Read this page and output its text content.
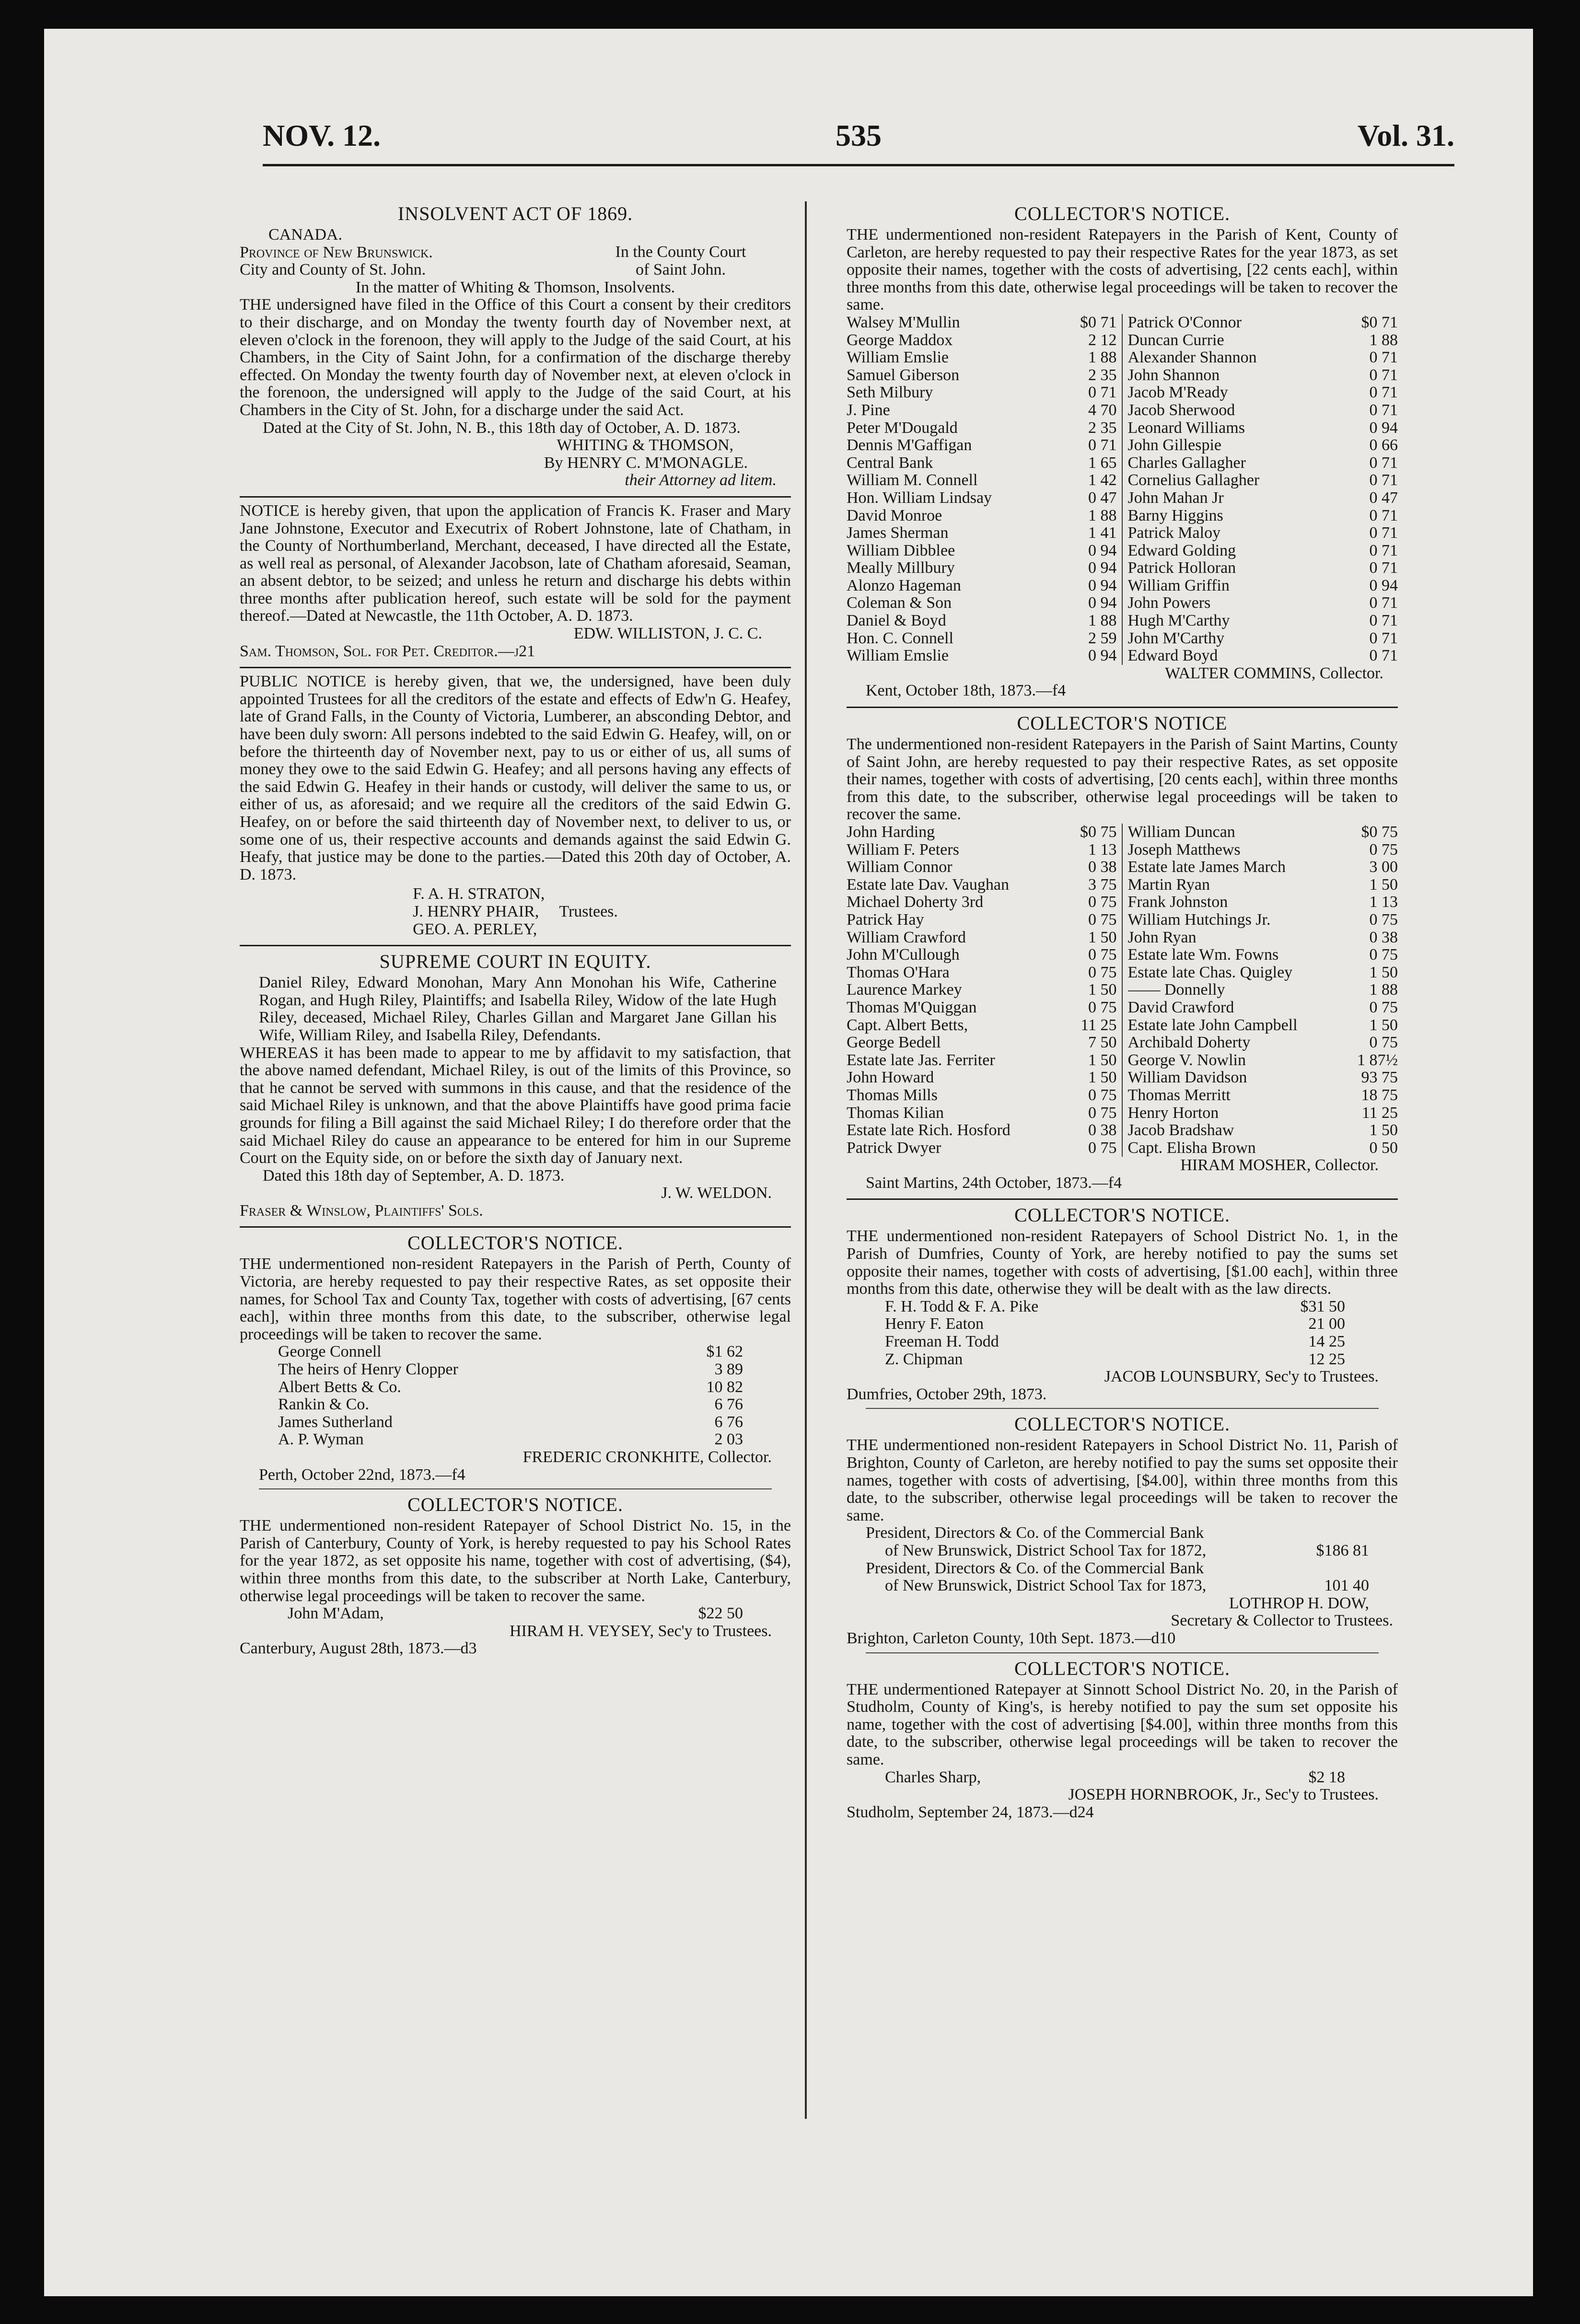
NOV. 12.	535	Vol. 31.
INSOLVENT ACT OF 1869.
CANADA.
Province of New Brunswick.
City and County of St. John.
In the County Court
of Saint John.
In the matter of Whiting & Thomson, Insolvents.

THE undersigned have filed in the Office of this Court a consent by their creditors to their discharge, and on Monday the twenty fourth day of November next, at eleven o'clock in the forenoon, they will apply to the Judge of the said Court, at his Chambers, in the City of Saint John, for a confirmation of the discharge thereby effected. On Monday the twenty fourth day of November next, at eleven o'clock in the forenoon, the undersigned will apply to the Judge of the said Court, at his Chambers in the City of St. John, for a discharge under the said Act.

Dated at the City of St. John, N. B., this 18th day of October, A. D. 1873.

WHITING & THOMSON,
By HENRY C. M'MONAGLE.
their Attorney ad litem.

NOTICE is hereby given, that upon the application of Francis K. Fraser and Mary Jane Johnstone, Executor and Executrix of Robert Johnstone, late of Chatham, in the County of Northumberland, Merchant, deceased, I have directed all the Estate, as well real as personal, of Alexander Jacobson, late of Chatham aforesaid, Seaman, an absent debtor, to be seized; and unless he return and discharge his debts within three months after publication hereof, such estate will be sold for the payment thereof.—Dated at Newcastle, the 11th October, A. D. 1873.

EDW. WILLISTON, J. C. C.
Sam. Thomson, Sol. for Pet. Creditor.—j21

PUBLIC NOTICE is hereby given, that we, the undersigned, have been duly appointed Trustees for all the creditors of the estate and effects of Edw'n G. Heafey, late of Grand Falls, in the County of Victoria, Lumberer, an absconding Debtor, and have been duly sworn: All persons indebted to the said Edwin G. Heafey, will, on or before the thirteenth day of November next, pay to us or either of us, all sums of money they owe to the said Edwin G. Heafey; and all persons having any effects of the said Edwin G. Heafey in their hands or custody, will deliver the same to us, or either of us, as aforesaid; and we require all the creditors of the said Edwin G. Heafey, on or before the said thirteenth day of November next, to deliver to us, or some one of us, their respective accounts and demands against the said Edwin G. Heafy, that justice may be done to the parties.—Dated this 20th day of October, A. D. 1873.

F. A. H. STRATON,
J. HENRY PHAIR,
GEO. A. PERLEY,
Trustees.
SUPREME COURT IN EQUITY.

Daniel Riley, Edward Monohan, Mary Ann Monohan his Wife, Catherine Rogan, and Hugh Riley, Plaintiffs; and Isabella Riley, Widow of the late Hugh Riley, deceased, Michael Riley, Charles Gillan and Margaret Jane Gillan his Wife, William Riley, and Isabella Riley, Defendants.

WHEREAS it has been made to appear to me by affidavit to my satisfaction, that the above named defendant, Michael Riley, is out of the limits of this Province, so that he cannot be served with summons in this cause, and that the residence of the said Michael Riley is unknown, and that the above Plaintiffs have good prima facie grounds for filing a Bill against the said Michael Riley; I do therefore order that the said Michael Riley do cause an appearance to be entered for him in our Supreme Court on the Equity side, on or before the sixth day of January next.

Dated this 18th day of September, A. D. 1873.
J. W. WELDON.
Fraser & Winslow, Plaintiffs' Sols.
COLLECTOR'S NOTICE.

THE undermentioned non-resident Ratepayers in the Parish of Perth, County of Victoria, are hereby requested to pay their respective Rates, as set opposite their names, for School Tax and County Tax, together with costs of advertising, [67 cents each], within three months from this date, to the subscriber, otherwise legal proceedings will be taken to recover the same.

George Connell	$1 62
The heirs of Henry Clopper	3 89
Albert Betts & Co.	10 82
Rankin & Co.	6 76
James Sutherland	6 76
A. P. Wyman	2 03
FREDERIC CRONKHITE, Collector.
Perth, October 22nd, 1873.—f4
COLLECTOR'S NOTICE.

THE undermentioned non-resident Ratepayer of School District No. 15, in the Parish of Canterbury, County of York, is hereby requested to pay his School Rates for the year 1872, as set opposite his name, together with cost of advertising, ($4), within three months from this date, to the subscriber at North Lake, Canterbury, otherwise legal proceedings will be taken to recover the same.

John M'Adam,	$22 50
HIRAM H. VEYSEY, Sec'y to Trustees.
Canterbury, August 28th, 1873.—d3
COLLECTOR'S NOTICE.

THE undermentioned non-resident Ratepayers in the Parish of Kent, County of Carleton, are hereby requested to pay their respective Rates for the year 1873, as set opposite their names, together with the costs of advertising, [22 cents each], within three months from this date, otherwise legal proceedings will be taken to recover the same.

Walsey M'Mullin	$0 71
George Maddox	2 12
William Emslie	1 88
Samuel Giberson	2 35
Seth Milbury	0 71
J. Pine	4 70
Peter M'Dougald	2 35
Dennis M'Gaffigan	0 71
Central Bank	1 65
William M. Connell	1 42
Hon. William Lindsay	0 47
David Monroe	1 88
James Sherman	1 41
William Dibblee	0 94
Meally Millbury	0 94
Alonzo Hageman	0 94
Coleman & Son	0 94
Daniel & Boyd	1 88
Hon. C. Connell	2 59
William Emslie	0 94
Patrick O'Connor	$0 71
Duncan Currie	1 88
Alexander Shannon	0 71
John Shannon	0 71
Jacob M'Ready	0 71
Jacob Sherwood	0 71
Leonard Williams	0 94
John Gillespie	0 66
Charles Gallagher	0 71
Cornelius Gallagher	0 71
John Mahan Jr	0 47
Barny Higgins	0 71
Patrick Maloy	0 71
Edward Golding	0 71
Patrick Holloran	0 71
William Griffin	0 94
John Powers	0 71
Hugh M'Carthy	0 71
John M'Carthy	0 71
Edward Boyd	0 71
WALTER COMMINS, Collector.
Kent, October 18th, 1873.—f4
COLLECTOR'S NOTICE

The undermentioned non-resident Ratepayers in the Parish of Saint Martins, County of Saint John, are hereby requested to pay their respective Rates, as set opposite their names, together with costs of advertising, [20 cents each], within three months from this date, to the subscriber, otherwise legal proceedings will be taken to recover the same.

John Harding	$0 75
William F. Peters	1 13
William Connor	0 38
Estate late Dav. Vaughan	3 75
Michael Doherty 3rd	0 75
Patrick Hay	0 75
William Crawford	1 50
John M'Cullough	0 75
Thomas O'Hara	0 75
Laurence Markey	1 50
Thomas M'Quiggan	0 75
Capt. Albert Betts,	11 25
George Bedell	7 50
Estate late Jas. Ferriter	1 50
John Howard	1 50
Thomas Mills	0 75
Thomas Kilian	0 75
Estate late Rich. Hosford	0 38
Patrick Dwyer	0 75
William Duncan	$0 75
Joseph Matthews	0 75
Estate late James March	3 00
Martin Ryan	1 50
Frank Johnston	1 13
William Hutchings Jr.	0 75
John Ryan	0 38
Estate late Wm. Fowns	0 75
Estate late Chas. Quigley	1 50
—— Donnelly	1 88
David Crawford	0 75
Estate late John Campbell	1 50
Archibald Doherty	0 75
George V. Nowlin	1 87½
William Davidson	93 75
Thomas Merritt	18 75
Henry Horton	11 25
Jacob Bradshaw	1 50
Capt. Elisha Brown	0 50
HIRAM MOSHER, Collector.
Saint Martins, 24th October, 1873.—f4
COLLECTOR'S NOTICE.

THE undermentioned non-resident Ratepayers of School District No. 1, in the Parish of Dumfries, County of York, are hereby notified to pay the sums set opposite their names, together with costs of advertising, [$1.00 each], within three months from this date, otherwise they will be dealt with as the law directs.

F. H. Todd & F. A. Pike	$31 50
Henry F. Eaton	21 00
Freeman H. Todd	14 25
Z. Chipman	12 25
JACOB LOUNSBURY, Sec'y to Trustees.
Dumfries, October 29th, 1873.
COLLECTOR'S NOTICE.

THE undermentioned non-resident Ratepayers in School District No. 11, Parish of Brighton, County of Carleton, are hereby notified to pay the sums set opposite their names, together with costs of advertising, [$4.00], within three months from this date, to the subscriber, otherwise legal proceedings will be taken to recover the same.

President, Directors & Co. of the Commercial Bank
of New Brunswick, District School Tax for 1872,	$186 81
President, Directors & Co. of the Commercial Bank
of New Brunswick, District School Tax for 1873,	101 40
LOTHROP H. DOW,
Secretary & Collector to Trustees.
Brighton, Carleton County, 10th Sept. 1873.—d10
COLLECTOR'S NOTICE.

THE undermentioned Ratepayer at Sinnott School District No. 20, in the Parish of Studholm, County of King's, is hereby notified to pay the sum set opposite his name, together with the cost of advertising [$4.00], within three months from this date, to the subscriber, otherwise legal proceedings will be taken to recover the same.

Charles Sharp,	$2 18
JOSEPH HORNBROOK, Jr., Sec'y to Trustees.
Studholm, September 24, 1873.—d24
